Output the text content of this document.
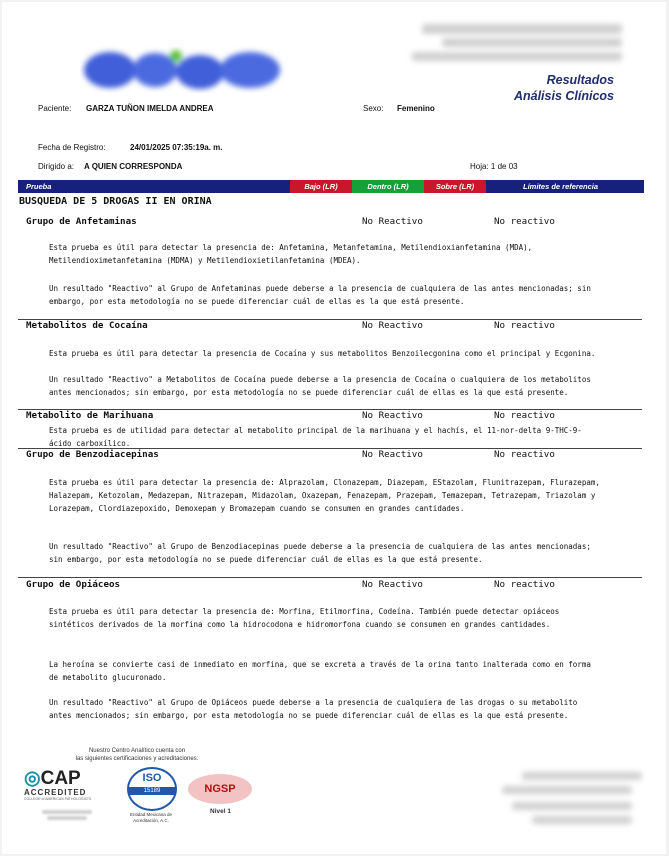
Resultados
Análisis Clínicos
Paciente: GARZA TUÑON IMELDA ANDREA	Sexo: Femenino
Fecha de Registro:	24/01/2025 07:35:19a. m.
Dirigido a: A QUIEN CORRESPONDA	Hoja: 1 de 03
Prueba	Bajo (LR)	Dentro (LR)	Sobre (LR)	Límites de referencia
BUSQUEDA DE 5 DROGAS II EN ORINA
Grupo de Anfetaminas	No Reactivo	No reactivo
Esta prueba es útil para detectar la presencia de: Anfetamina, Metanfetamina, Metilendioxianfetamina (MDA), Metilendioximetanfetamina (MDMA) y Metilendioxietilanfetamina (MDEA).
Un resultado "Reactivo" al Grupo de Anfetaminas puede deberse a la presencia de cualquiera de las antes mencionadas; sin embargo, por esta metodología no se puede diferenciar cuál de ellas es la que está presente.
Metabolitos de Cocaína	No Reactivo	No reactivo
Esta prueba es útil para detectar la presencia de Cocaína y sus metabolitos Benzoilecgonina como el principal y Ecgonina.
Un resultado "Reactivo" a Metabolitos de Cocaína puede deberse a la presencia de Cocaína o cualquiera de los metabolitos antes mencionados; sin embargo, por esta metodología no se puede diferenciar cuál de ellas es la que está presente.
Metabolito de Marihuana	No Reactivo	No reactivo
Esta prueba es de utilidad para detectar al metabolito principal de la marihuana y el hachís, el 11-nor-delta 9-THC-9-ácido carboxílico.
Grupo de Benzodiacepinas	No Reactivo	No reactivo
Esta prueba es útil para detectar la presencia de: Alprazolam, Clonazepam, Diazepam, EStazolam, Flunitrazepam, Flurazepam, Halazepam, Ketozolam, Medazepam, Nitrazepam, Midazolam, Oxazepam, Fenazepam, Prazepam, Temazepam, Tetrazepam, Triazolam y Lorazepam, Clordiazepoxido, Demoxepam y Bromazepam cuando se consumen en grandes cantidades.
Un resultado "Reactivo" al Grupo de Benzodiacepinas puede deberse a la presencia de cualquiera de las antes mencionadas; sin embargo, por esta metodología no se puede diferenciar cuál de ellas es la que está presente.
Grupo de Opiáceos	No Reactivo	No reactivo
Esta prueba es útil para detectar la presencia de: Morfina, Etilmorfina, Codeína. También puede detectar opiáceos sintéticos derivados de la morfina como la hidrocodona e hidromorfona cuando se consumen en grandes cantidades.
La heroína se convierte casi de inmediato en morfina, que se excreta a través de la orina tanto inalterada como en forma de metabolito glucuronado.
Un resultado "Reactivo" al Grupo de Opiáceos puede deberse a la presencia de cualquiera de las drogas o su metabolito antes mencionados; sin embargo, por esta metodología no se puede diferenciar cuál de ellas es la que está presente.
Nuestro Centro Analítico cuenta con
las siguientes certificaciones y acreditaciones:
◎CAP
ACCREDITED
COLLEGE of AMERICAN PATHOLOGISTS
ISO
15189
Entidad Mexicana de
Acreditación, A.C.
NGSP
Nivel 1
